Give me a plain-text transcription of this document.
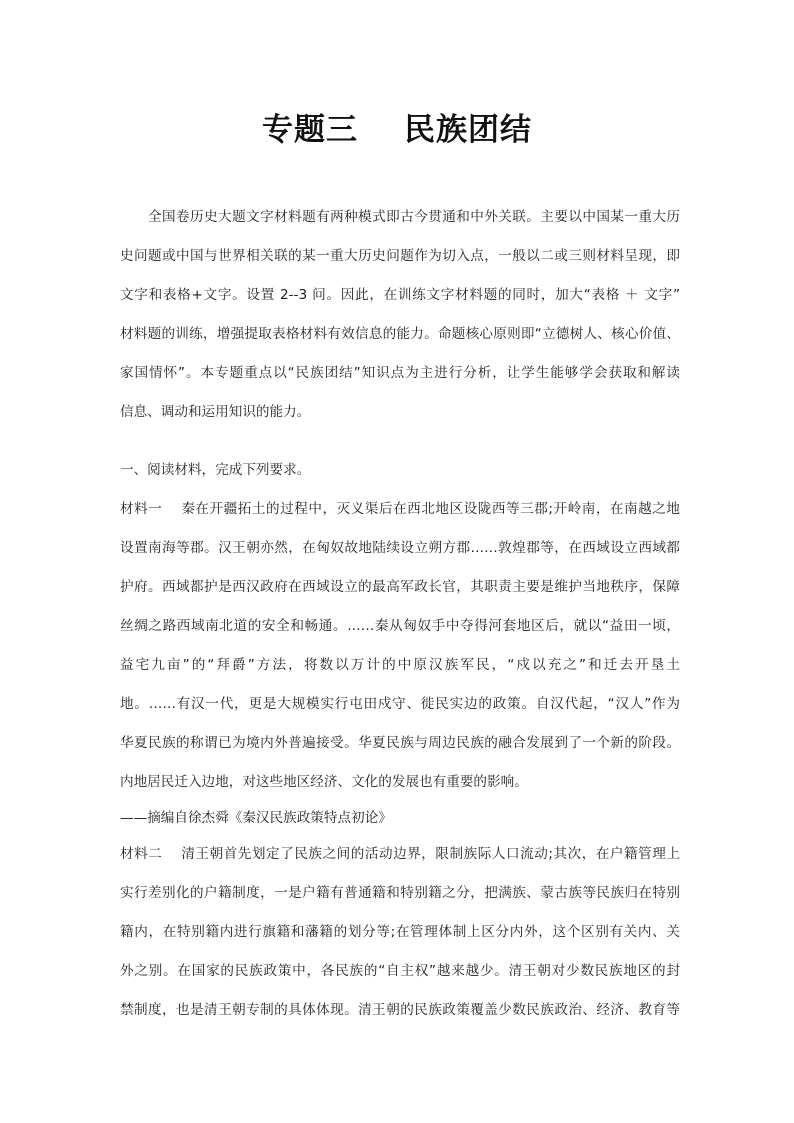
专题三 民族团结
全国卷历史大题文字材料题有两种模式即古今贯通和中外关联。主要以中国某一重大历
史问题或中国与世界相关联的某一重大历史问题作为切入点，一般以二或三则材料呈现，即
文字和表格+文字。设置 2--3 问。因此，在训练文字材料题的同时，加大“表格 ＋ 文字”
材料题的训练，增强提取表格材料有效信息的能力。命题核心原则即“立德树人、核心价值、
家国情怀”。本专题重点以“民族团结”知识点为主进行分析，让学生能够学会获取和解读
信息、调动和运用知识的能力。
一、阅读材料，完成下列要求。
材料一　 秦在开疆拓土的过程中，灭义渠后在西北地区设陇西等三郡;开岭南，在南越之地
设置南海等郡。汉王朝亦然，在匈奴故地陆续设立朔方郡……敦煌郡等，在西域设立西域都
护府。西域都护是西汉政府在西域设立的最高军政长官，其职责主要是维护当地秩序，保障
丝绸之路西域南北道的安全和畅通。……秦从匈奴手中夺得河套地区后，就以“益田一顷，
益宅九亩”的“拜爵”方法，将数以万计的中原汉族军民，“戍以充之”和迁去开垦土
地。……有汉一代，更是大规模实行屯田戍守、徙民实边的政策。自汉代起，“汉人”作为
华夏民族的称谓已为境内外普遍接受。华夏民族与周边民族的融合发展到了一个新的阶段。
内地居民迁入边地，对这些地区经济、文化的发展也有重要的影响。
——摘编自徐杰舜《秦汉民族政策特点初论》
材料二　 清王朝首先划定了民族之间的活动边界，限制族际人口流动;其次，在户籍管理上
实行差别化的户籍制度，一是户籍有普通籍和特别籍之分，把满族、蒙古族等民族归在特别
籍内，在特别籍内进行旗籍和藩籍的划分等;在管理体制上区分内外，这个区别有关内、关
外之别。在国家的民族政策中，各民族的“自主权”越来越少。清王朝对少数民族地区的封
禁制度，也是清王朝专制的具体体现。清王朝的民族政策覆盖少数民族政治、经济、教育等
